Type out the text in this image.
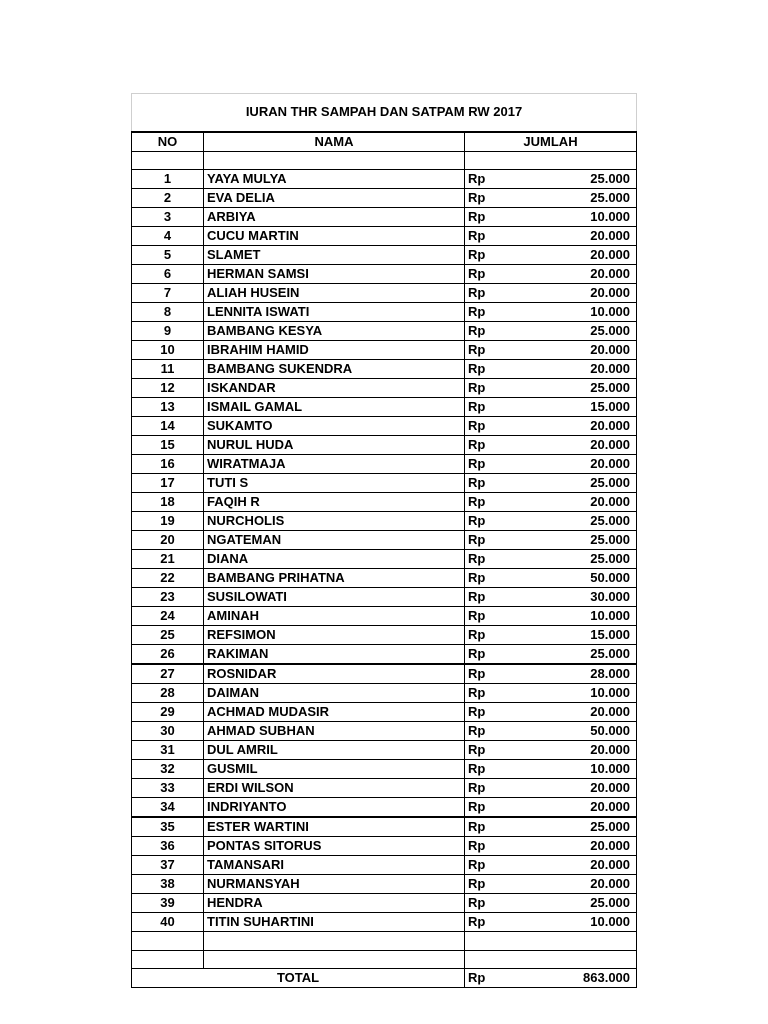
IURAN THR SAMPAH DAN SATPAM RW 2017			
NO	NAMA	JUMLAH	

1	YAYA MULYA	Rp	25.000
2	EVA DELIA	Rp	25.000
3	ARBIYA	Rp	10.000
4	CUCU MARTIN	Rp	20.000
5	SLAMET	Rp	20.000
6	HERMAN SAMSI	Rp	20.000
7	ALIAH HUSEIN	Rp	20.000
8	LENNITA ISWATI	Rp	10.000
9	BAMBANG KESYA	Rp	25.000
10	IBRAHIM HAMID	Rp	20.000
11	BAMBANG SUKENDRA	Rp	20.000
12	ISKANDAR	Rp	25.000
13	ISMAIL GAMAL	Rp	15.000
14	SUKAMTO	Rp	20.000
15	NURUL HUDA	Rp	20.000
16	WIRATMAJA	Rp	20.000
17	TUTI S	Rp	25.000
18	FAQIH R	Rp	20.000
19	NURCHOLIS	Rp	25.000
20	NGATEMAN	Rp	25.000
21	DIANA	Rp	25.000
22	BAMBANG PRIHATNA	Rp	50.000
23	SUSILOWATI	Rp	30.000
24	AMINAH	Rp	10.000
25	REFSIMON	Rp	15.000
26	RAKIMAN	Rp	25.000
27	ROSNIDAR	Rp	28.000
28	DAIMAN	Rp	10.000
29	ACHMAD MUDASIR	Rp	20.000
30	AHMAD SUBHAN	Rp	50.000
31	DUL AMRIL	Rp	20.000
32	GUSMIL	Rp	10.000
33	ERDI WILSON	Rp	20.000
34	INDRIYANTO	Rp	20.000
35	ESTER WARTINI	Rp	25.000
36	PONTAS SITORUS	Rp	20.000
37	TAMANSARI	Rp	20.000
38	NURMANSYAH	Rp	20.000
39	HENDRA	Rp	25.000
40	TITIN SUHARTINI	Rp	10.000

TOTAL		Rp	863.000
